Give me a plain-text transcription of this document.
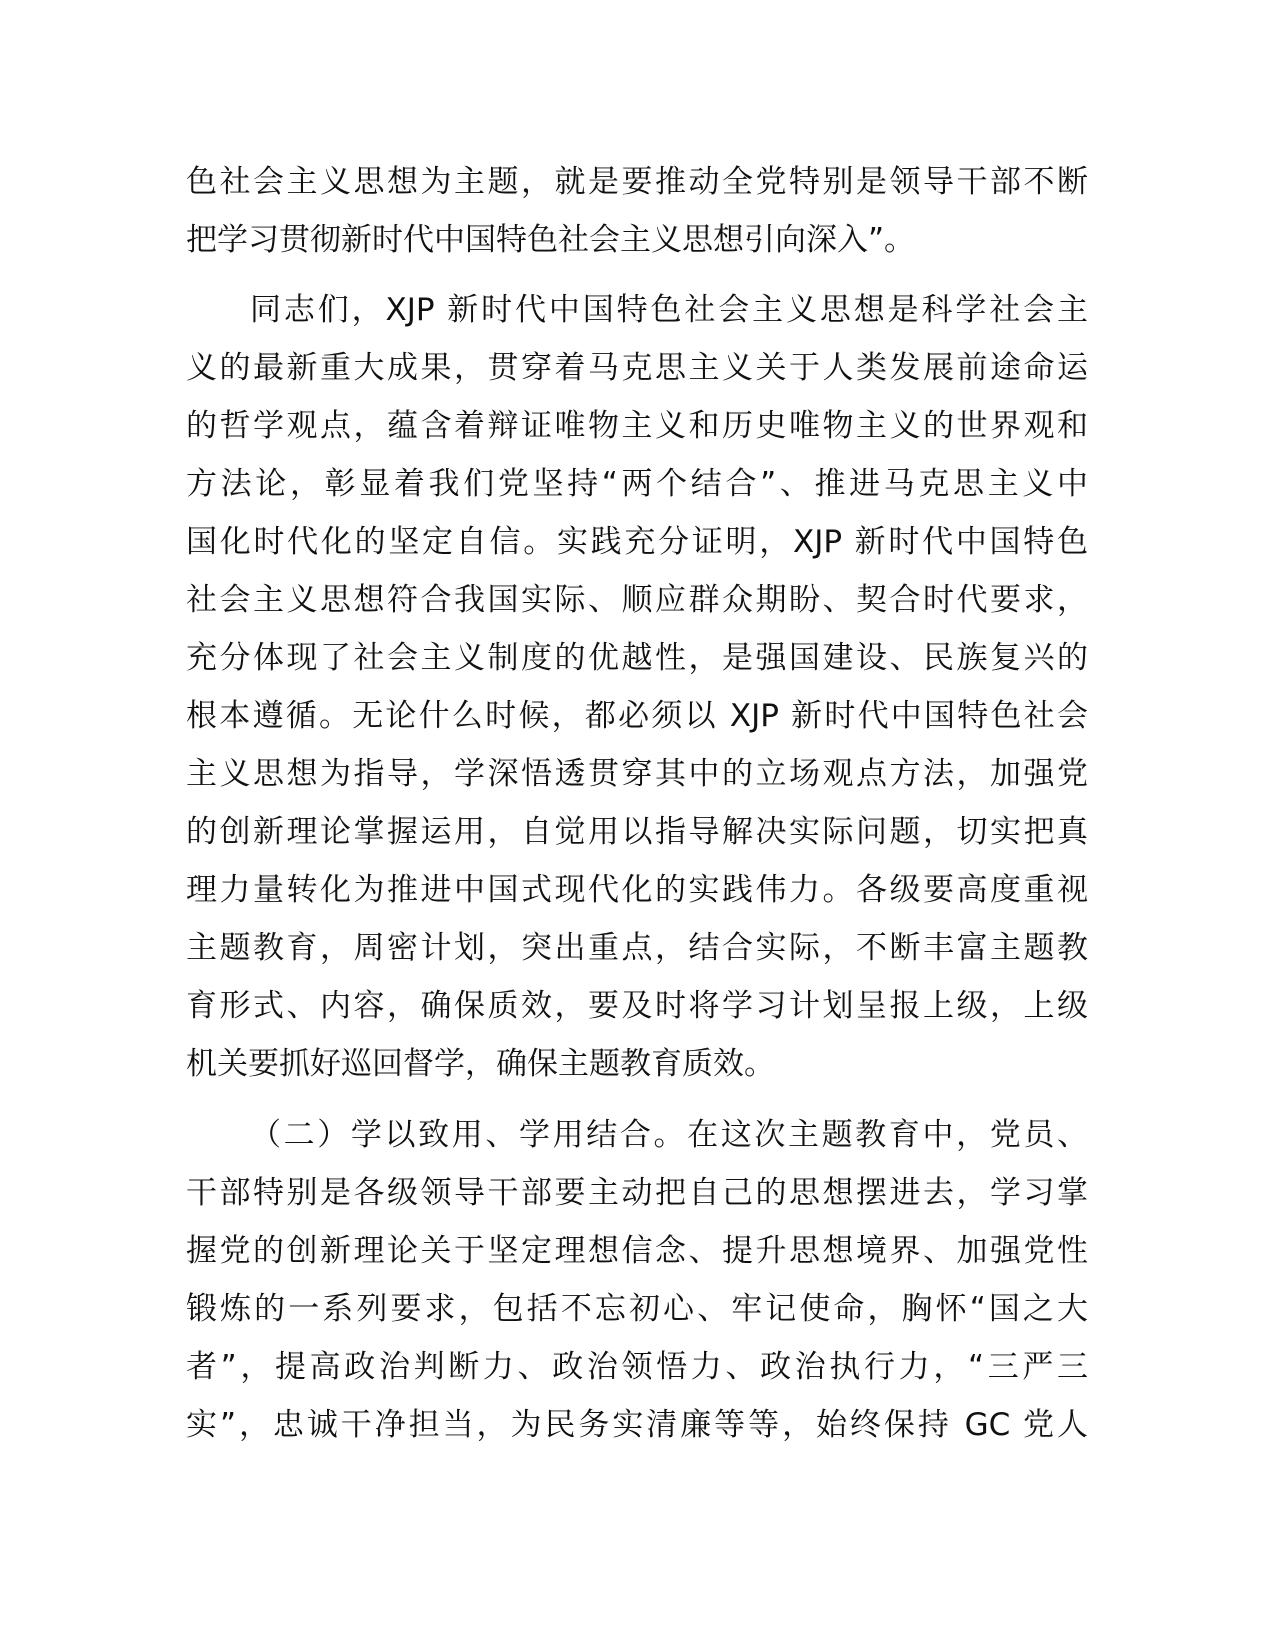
色社会主义思想为主题，就是要推动全党特别是领导干部不断
把学习贯彻新时代中国特色社会主义思想引向深入”。
同志们，XJP 新时代中国特色社会主义思想是科学社会主
义的最新重大成果，贯穿着马克思主义关于人类发展前途命运
的哲学观点，蕴含着辩证唯物主义和历史唯物主义的世界观和
方法论，彰显着我们党坚持“两个结合”、推进马克思主义中
国化时代化的坚定自信。实践充分证明，XJP 新时代中国特色
社会主义思想符合我国实际、顺应群众期盼、契合时代要求，
充分体现了社会主义制度的优越性，是强国建设、民族复兴的
根本遵循。无论什么时候，都必须以 XJP 新时代中国特色社会
主义思想为指导，学深悟透贯穿其中的立场观点方法，加强党
的创新理论掌握运用，自觉用以指导解决实际问题，切实把真
理力量转化为推进中国式现代化的实践伟力。各级要高度重视
主题教育，周密计划，突出重点，结合实际，不断丰富主题教
育形式、内容，确保质效，要及时将学习计划呈报上级，上级
机关要抓好巡回督学，确保主题教育质效。
（二）学以致用、学用结合。在这次主题教育中，党员、
干部特别是各级领导干部要主动把自己的思想摆进去，学习掌
握党的创新理论关于坚定理想信念、提升思想境界、加强党性
锻炼的一系列要求，包括不忘初心、牢记使命，胸怀“国之大
者”，提高政治判断力、政治领悟力、政治执行力，“三严三
实”，忠诚干净担当，为民务实清廉等等，始终保持 GC 党人
